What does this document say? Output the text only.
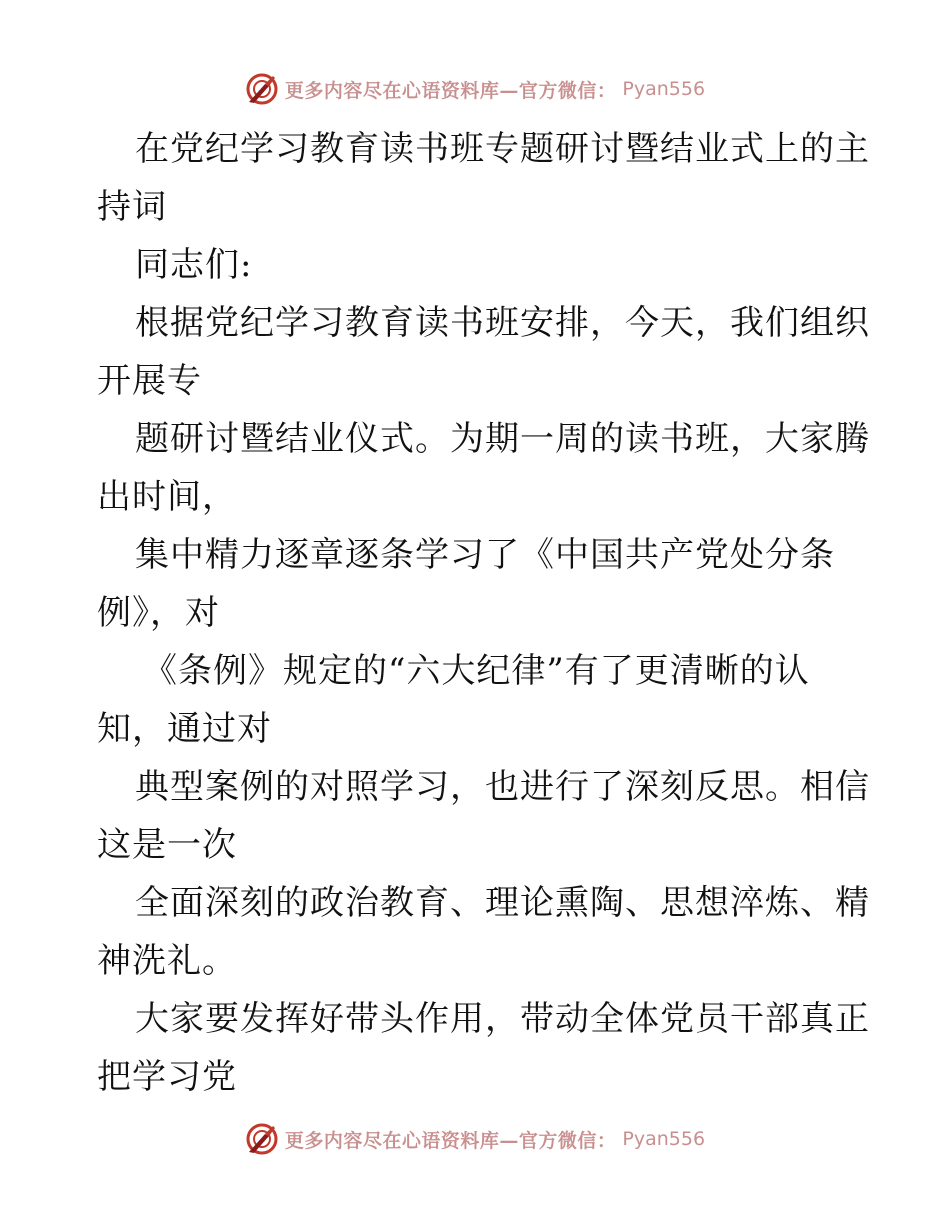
更多内容尽在心语资料库—官方微信： Pyan556
在党纪学习教育读书班专题研讨暨结业式上的主
持词
同志们:
根据党纪学习教育读书班安排，今天，我们组织
开展专
题研讨暨结业仪式。为期一周的读书班，大家腾
出时间，
集中精力逐章逐条学习了《中国共产党处分条
例》，对
《条例》规定的“六大纪律”有了更清晰的认
知，通过对
典型案例的对照学习，也进行了深刻反思。相信
这是一次
全面深刻的政治教育、理论熏陶、思想淬炼、精
神洗礼。
大家要发挥好带头作用，带动全体党员干部真正
把学习党
更多内容尽在心语资料库—官方微信： Pyan556
